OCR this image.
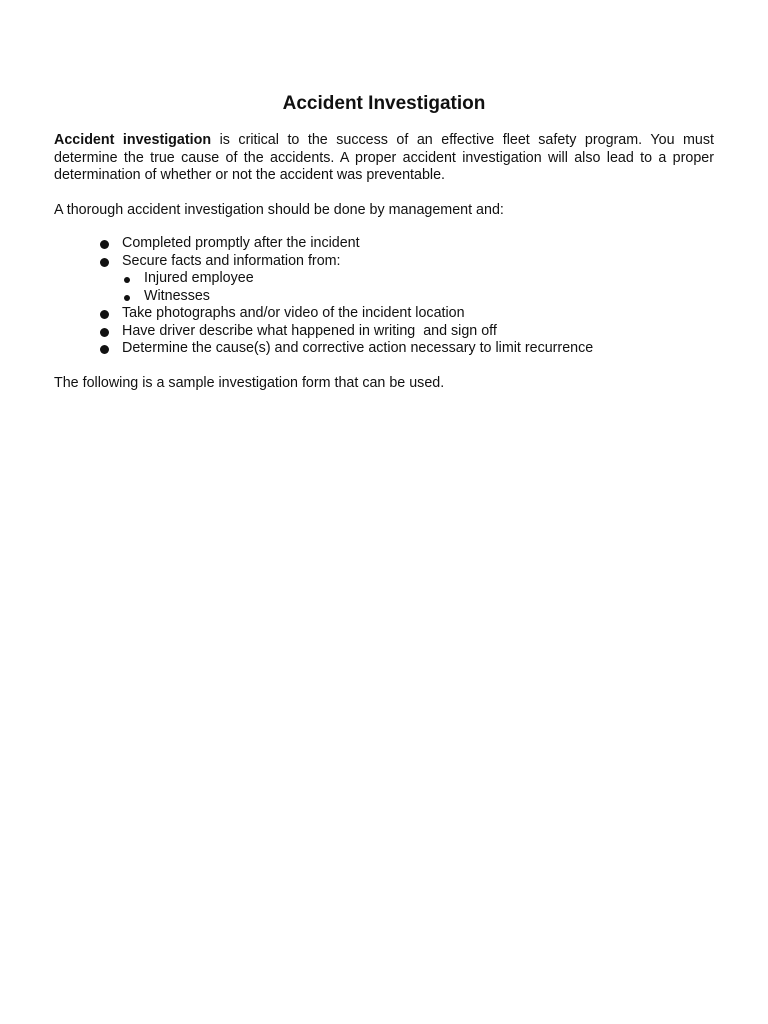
Accident Investigation

Accident investigation is critical to the success of an effective fleet safety program. You must determine the true cause of the accidents. A proper accident investigation will also lead to a proper determination of whether or not the accident was preventable.

A thorough accident investigation should be done by management and:

Completed promptly after the incident
Secure facts and information from:
Injured employee
Witnesses
Take photographs and/or video of the incident location
Have driver describe what happened in writing  and sign off
Determine the cause(s) and corrective action necessary to limit recurrence

The following is a sample investigation form that can be used.
